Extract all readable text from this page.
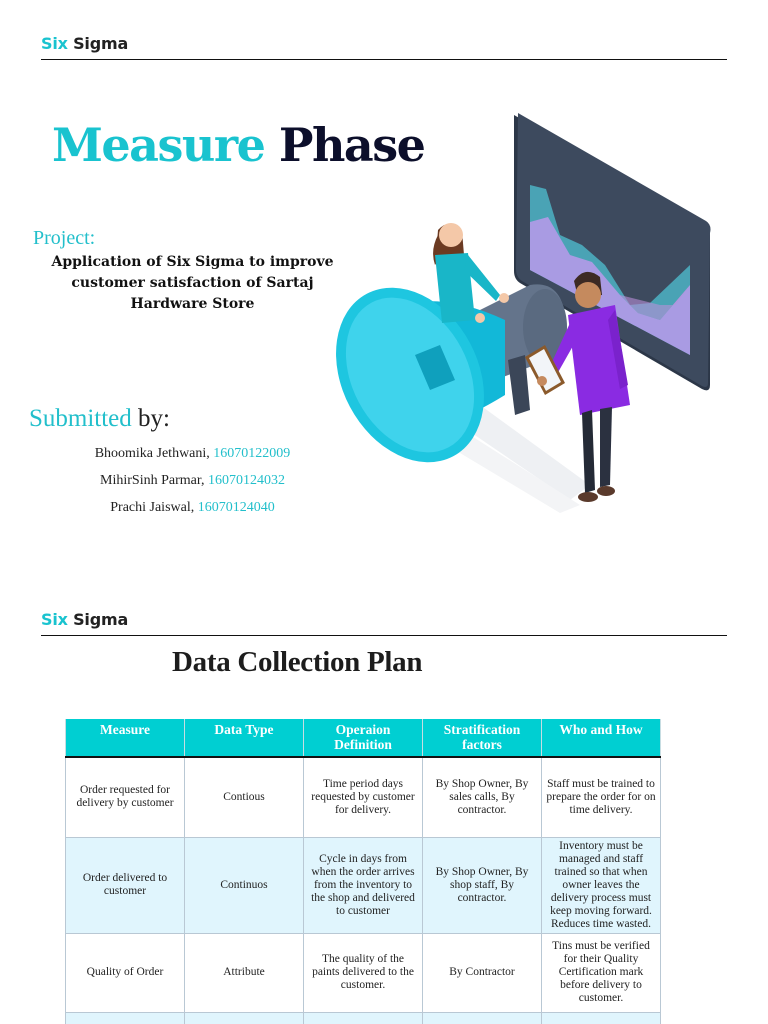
Six Sigma
Measure Phase
Project:
Application of Six Sigma to improve customer satisfaction of Sartaj Hardware Store
Submitted by:
Bhoomika Jethwani, 16070122009
MihirSinh Parmar, 16070124032
Prachi Jaiswal, 16070124040
Six Sigma
Data Collection Plan
Measure	Data Type	Operaion Definition	Stratification factors	Who and How
Order requested for delivery by customer	Contious	Time period days requested by customer for delivery.	By Shop Owner, By sales calls, By contractor.	Staff must be trained to prepare the order for on time delivery.
Order delivered to customer	Continuos	Cycle in days from when the order arrives from the inventory to the shop and delivered to customer	By Shop Owner, By shop staff, By contractor.	Inventory must be managed and staff trained so that when owner leaves the delivery process must keep moving forward. Reduces time wasted.
Quality of Order	Attribute	The quality of the paints delivered to the customer.	By Contractor	Tins must be verified for their Quality Certification mark before delivery to customer.
